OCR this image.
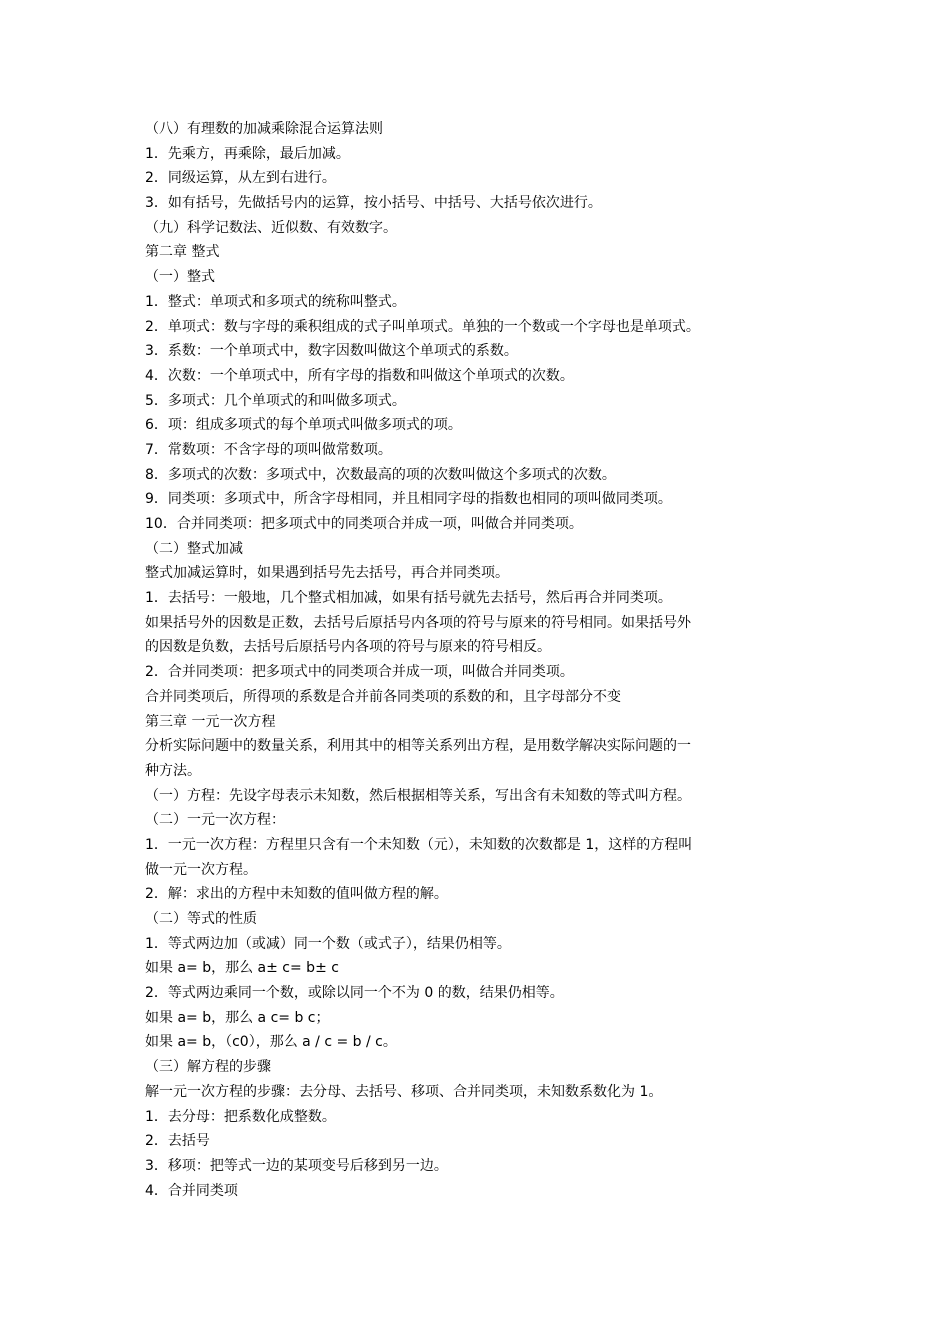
（八）有理数的加减乘除混合运算法则
1．先乘方，再乘除，最后加减。
2．同级运算，从左到右进行。
3．如有括号，先做括号内的运算，按小括号、中括号、大括号依次进行。
（九）科学记数法、近似数、有效数字。
第二章 整式
（一）整式
1．整式：单项式和多项式的统称叫整式。
2．单项式：数与字母的乘积组成的式子叫单项式。单独的一个数或一个字母也是单项式。
3．系数：一个单项式中，数字因数叫做这个单项式的系数。
4．次数：一个单项式中，所有字母的指数和叫做这个单项式的次数。
5．多项式：几个单项式的和叫做多项式。
6．项：组成多项式的每个单项式叫做多项式的项。
7．常数项：不含字母的项叫做常数项。
8．多项式的次数：多项式中，次数最高的项的次数叫做这个多项式的次数。
9．同类项：多项式中，所含字母相同，并且相同字母的指数也相同的项叫做同类项。
10．合并同类项：把多项式中的同类项合并成一项，叫做合并同类项。
（二）整式加减
整式加减运算时，如果遇到括号先去括号，再合并同类项。
1．去括号：一般地，几个整式相加减，如果有括号就先去括号，然后再合并同类项。
如果括号外的因数是正数，去括号后原括号内各项的符号与原来的符号相同。如果括号外
的因数是负数，去括号后原括号内各项的符号与原来的符号相反。
2．合并同类项：把多项式中的同类项合并成一项，叫做合并同类项。
合并同类项后，所得项的系数是合并前各同类项的系数的和，且字母部分不变
第三章 一元一次方程
分析实际问题中的数量关系，利用其中的相等关系列出方程，是用数学解决实际问题的一
种方法。
（一）方程：先设字母表示未知数，然后根据相等关系，写出含有未知数的等式叫方程。
（二）一元一次方程：
1．一元一次方程：方程里只含有一个未知数（元），未知数的次数都是 1，这样的方程叫
做一元一次方程。
2．解：求出的方程中未知数的值叫做方程的解。
（二）等式的性质
1．等式两边加（或减）同一个数（或式子），结果仍相等。
如果 a= b，那么 a± c= b± c
2．等式两边乘同一个数，或除以同一个不为 0 的数，结果仍相等。
如果 a= b，那么 a c= b c；
如果 a= b，（c0），那么 a / c = b / c。
（三）解方程的步骤
解一元一次方程的步骤：去分母、去括号、移项、合并同类项，未知数系数化为 1。
1．去分母：把系数化成整数。
2．去括号
3．移项：把等式一边的某项变号后移到另一边。
4．合并同类项
